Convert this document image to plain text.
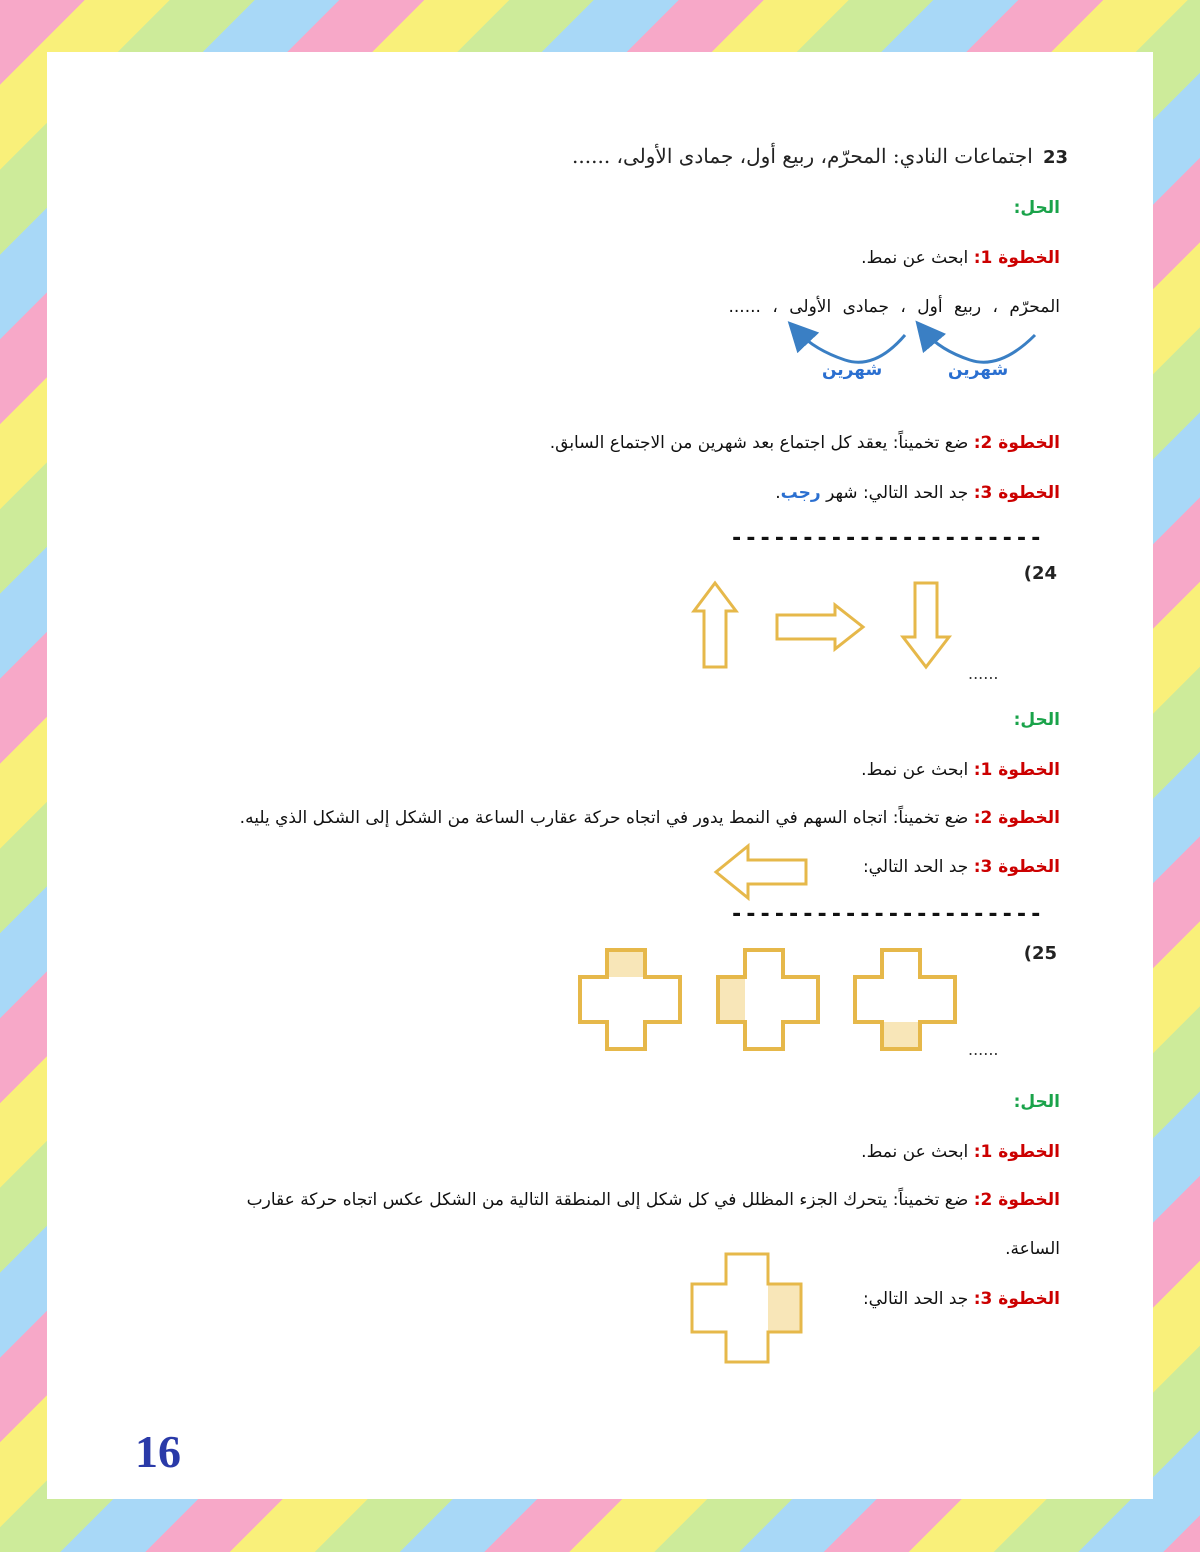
23  اجتماعات النادي: المحرّم، ربيع أول، جمادى الأولى، ......
الحل:
الخطوة 1: ابحث عن نمط.
المحرّم ، ربيع أول ، جمادى الأولى ، ......
شهرين
شهرين
الخطوة 2: ضع تخميناً: يعقد كل اجتماع بعد شهرين من الاجتماع السابق.
الخطوة 3: جد الحد التالي: شهر رجب.
----------------------
(24
......
الحل:
الخطوة 1: ابحث عن نمط.
الخطوة 2: ضع تخميناً: اتجاه السهم في النمط يدور في اتجاه حركة عقارب الساعة من الشكل إلى الشكل الذي يليه.
الخطوة 3: جد الحد التالي:
----------------------
(25
......
الحل:
الخطوة 1: ابحث عن نمط.
الخطوة 2: ضع تخميناً: يتحرك الجزء المظلل في كل شكل إلى المنطقة التالية من الشكل عكس اتجاه حركة عقارب
الساعة.
الخطوة 3: جد الحد التالي:
16
